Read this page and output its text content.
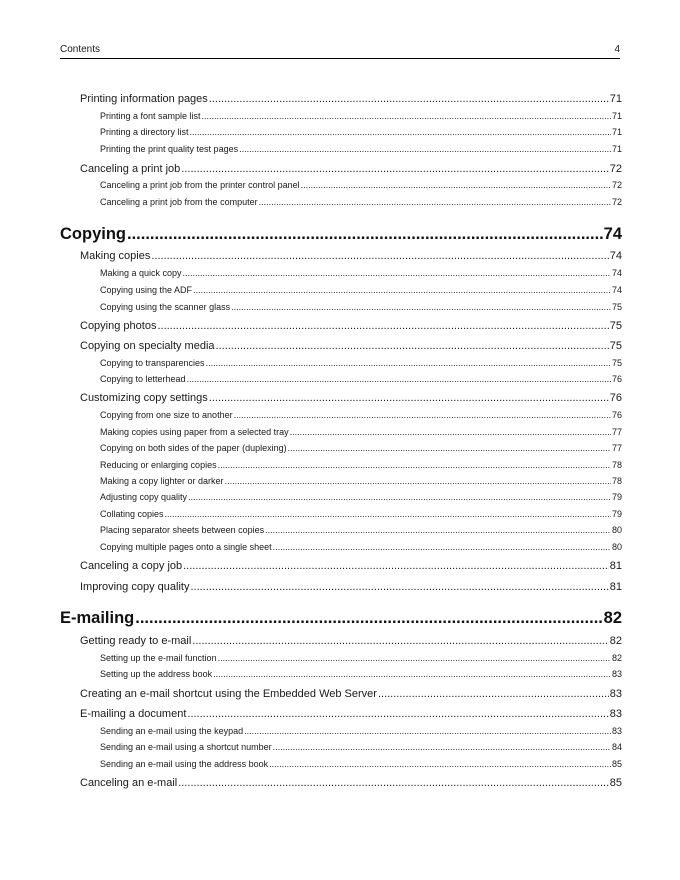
Contents	4
Printing information pages .....	71
Printing a font sample list .....	71
Printing a directory list .....	71
Printing the print quality test pages .....	71
Canceling a print job .....	72
Canceling a print job from the printer control panel .....	72
Canceling a print job from the computer .....	72
Copying .....	74
Making copies .....	74
Making a quick copy .....	74
Copying using the ADF .....	74
Copying using the scanner glass .....	75
Copying photos .....	75
Copying on specialty media .....	75
Copying to transparencies .....	75
Copying to letterhead .....	76
Customizing copy settings .....	76
Copying from one size to another .....	76
Making copies using paper from a selected tray .....	77
Copying on both sides of the paper (duplexing) .....	77
Reducing or enlarging copies .....	78
Making a copy lighter or darker .....	78
Adjusting copy quality .....	79
Collating copies .....	79
Placing separator sheets between copies .....	80
Copying multiple pages onto a single sheet .....	80
Canceling a copy job .....	81
Improving copy quality .....	81
E-mailing .....	82
Getting ready to e-mail .....	82
Setting up the e-mail function .....	82
Setting up the address book .....	83
Creating an e-mail shortcut using the Embedded Web Server .....	83
E-mailing a document .....	83
Sending an e-mail using the keypad .....	83
Sending an e-mail using a shortcut number .....	84
Sending an e-mail using the address book .....	85
Canceling an e-mail .....	85
